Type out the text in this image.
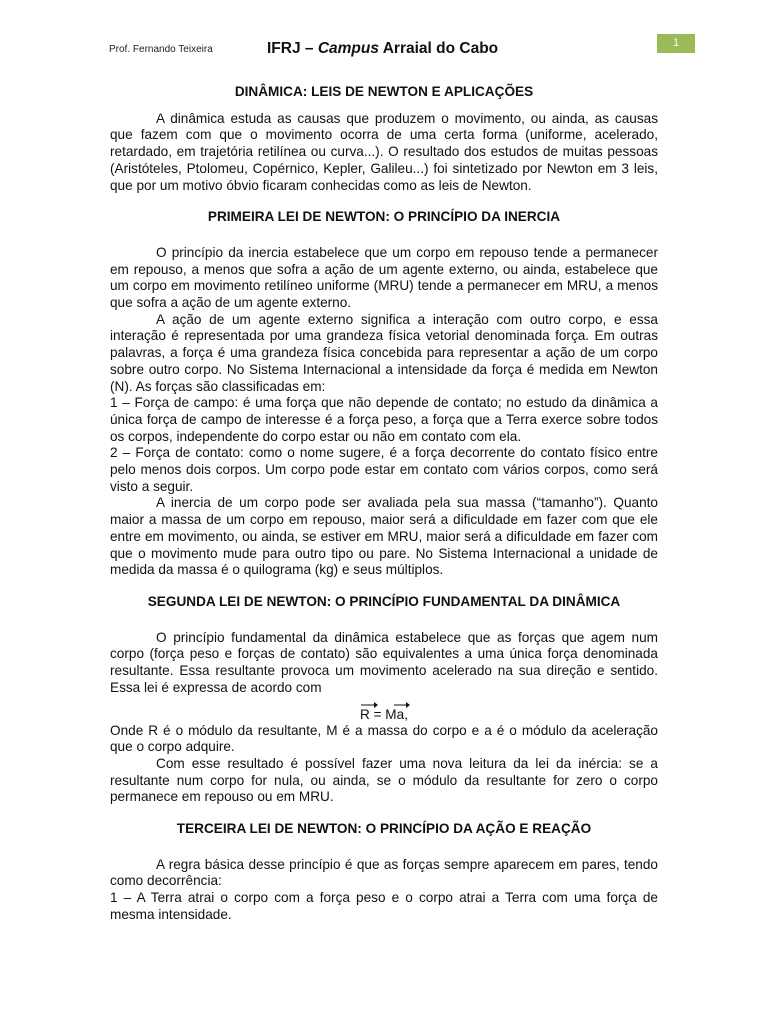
1
Prof. Fernando Teixeira	IFRJ – Campus Arraial do Cabo
DINÂMICA: LEIS DE NEWTON E APLICAÇÕES

A dinâmica estuda as causas que produzem o movimento, ou ainda, as causas que fazem com que o movimento ocorra de uma certa forma (uniforme, acelerado, retardado, em trajetória retilínea ou curva...). O resultado dos estudos de muitas pessoas (Aristóteles, Ptolomeu, Copérnico, Kepler, Galileu...) foi sintetizado por Newton em 3 leis, que por um motivo óbvio ficaram conhecidas como as leis de Newton.

PRIMEIRA LEI DE NEWTON: O PRINCÍPIO DA INERCIA

O princípio da inercia estabelece que um corpo em repouso tende a permanecer em repouso, a menos que sofra a ação de um agente externo, ou ainda, estabelece que um corpo em movimento retilíneo uniforme (MRU) tende a permanecer em MRU, a menos que sofra a ação de um agente externo.

A ação de um agente externo significa a interação com outro corpo, e essa interação é representada por uma grandeza física vetorial denominada força. Em outras palavras, a força é uma grandeza física concebida para representar a ação de um corpo sobre outro corpo. No Sistema Internacional a intensidade da força é medida em Newton (N). As forças são classificadas em:

1 – Força de campo: é uma força que não depende de contato; no estudo da dinâmica a única força de campo de interesse é a força peso, a força que a Terra exerce sobre todos os corpos, independente do corpo estar ou não em contato com ela.

2 – Força de contato: como o nome sugere, é a força decorrente do contato físico entre pelo menos dois corpos. Um corpo pode estar em contato com vários corpos, como será visto a seguir.

A inercia de um corpo pode ser avaliada pela sua massa (“tamanho”). Quanto maior a massa de um corpo em repouso, maior será a dificuldade em fazer com que ele entre em movimento, ou ainda, se estiver em MRU, maior será a dificuldade em fazer com que o movimento mude para outro tipo ou pare. No Sistema Internacional a unidade de medida da massa é o quilograma (kg) e seus múltiplos.

SEGUNDA LEI DE NEWTON: O PRINCÍPIO FUNDAMENTAL DA DINÂMICA

O princípio fundamental da dinâmica estabelece que as forças que agem num corpo (força peso e forças de contato) são equivalentes a uma única força denominada resultante. Essa resultante provoca um movimento acelerado na sua direção e sentido. Essa lei é expressa de acordo com

R = Ma,

Onde R é o módulo da resultante, M é a massa do corpo e a é o módulo da aceleração que o corpo adquire.

Com esse resultado é possível fazer uma nova leitura da lei da inércia: se a resultante num corpo for nula, ou ainda, se o módulo da resultante for zero o corpo permanece em repouso ou em MRU.

TERCEIRA LEI DE NEWTON: O PRINCÍPIO DA AÇÃO E REAÇÃO

A regra básica desse princípio é que as forças sempre aparecem em pares, tendo como decorrência:

1 – A Terra atrai o corpo com a força peso e o corpo atrai a Terra com uma força de mesma intensidade.
